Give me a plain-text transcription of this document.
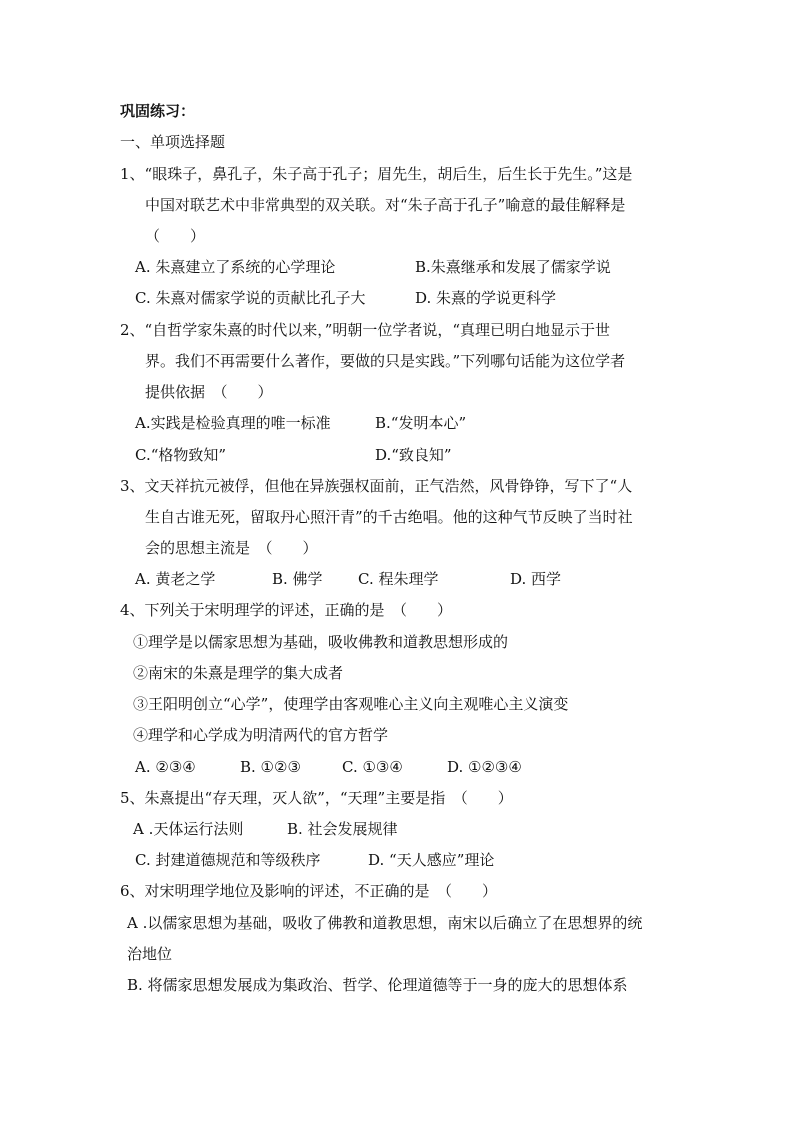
巩固练习：
一、单项选择题
1、“眼珠子，鼻孔子，朱子高于孔子；眉先生，胡后生，后生长于先生。”这是
中国对联艺术中非常典型的双关联。对“朱子高于孔子”喻意的最佳解释是
（　　）
A. 朱熹建立了系统的心学理论	B.朱熹继承和发展了儒家学说
C. 朱熹对儒家学说的贡献比孔子大	D. 朱熹的学说更科学
2、“自哲学家朱熹的时代以来，”明朝一位学者说，“真理已明白地显示于世
界。我们不再需要什么著作，要做的只是实践。”下列哪句话能为这位学者
提供依据　（　　）
A.实践是检验真理的唯一标准	B.“发明本心”
C.“格物致知”	D.“致良知”
3、文天祥抗元被俘，但他在异族强权面前，正气浩然，风骨铮铮，写下了“人
生自古谁无死，留取丹心照汗青”的千古绝唱。他的这种气节反映了当时社
会的思想主流是　（　　）
A. 黄老之学	B. 佛学 C. 程朱理学	D. 西学
4、下列关于宋明理学的评述，正确的是　（　　）
①理学是以儒家思想为基础，吸收佛教和道教思想形成的
②南宋的朱熹是理学的集大成者
③王阳明创立“心学”，使理学由客观唯心主义向主观唯心主义演变
④理学和心学成为明清两代的官方哲学
A. ②③④	B. ①②③	C. ①③④	D. ①②③④
5、朱熹提出“存天理，灭人欲”，“天理”主要是指　（　　）
A .天体运行法则	B. 社会发展规律
C. 封建道德规范和等级秩序	D. “天人感应”理论
6、对宋明理学地位及影响的评述，不正确的是　（　　）
A .以儒家思想为基础，吸收了佛教和道教思想，南宋以后确立了在思想界的统
治地位
B. 将儒家思想发展成为集政治、哲学、伦理道德等于一身的庞大的思想体系
